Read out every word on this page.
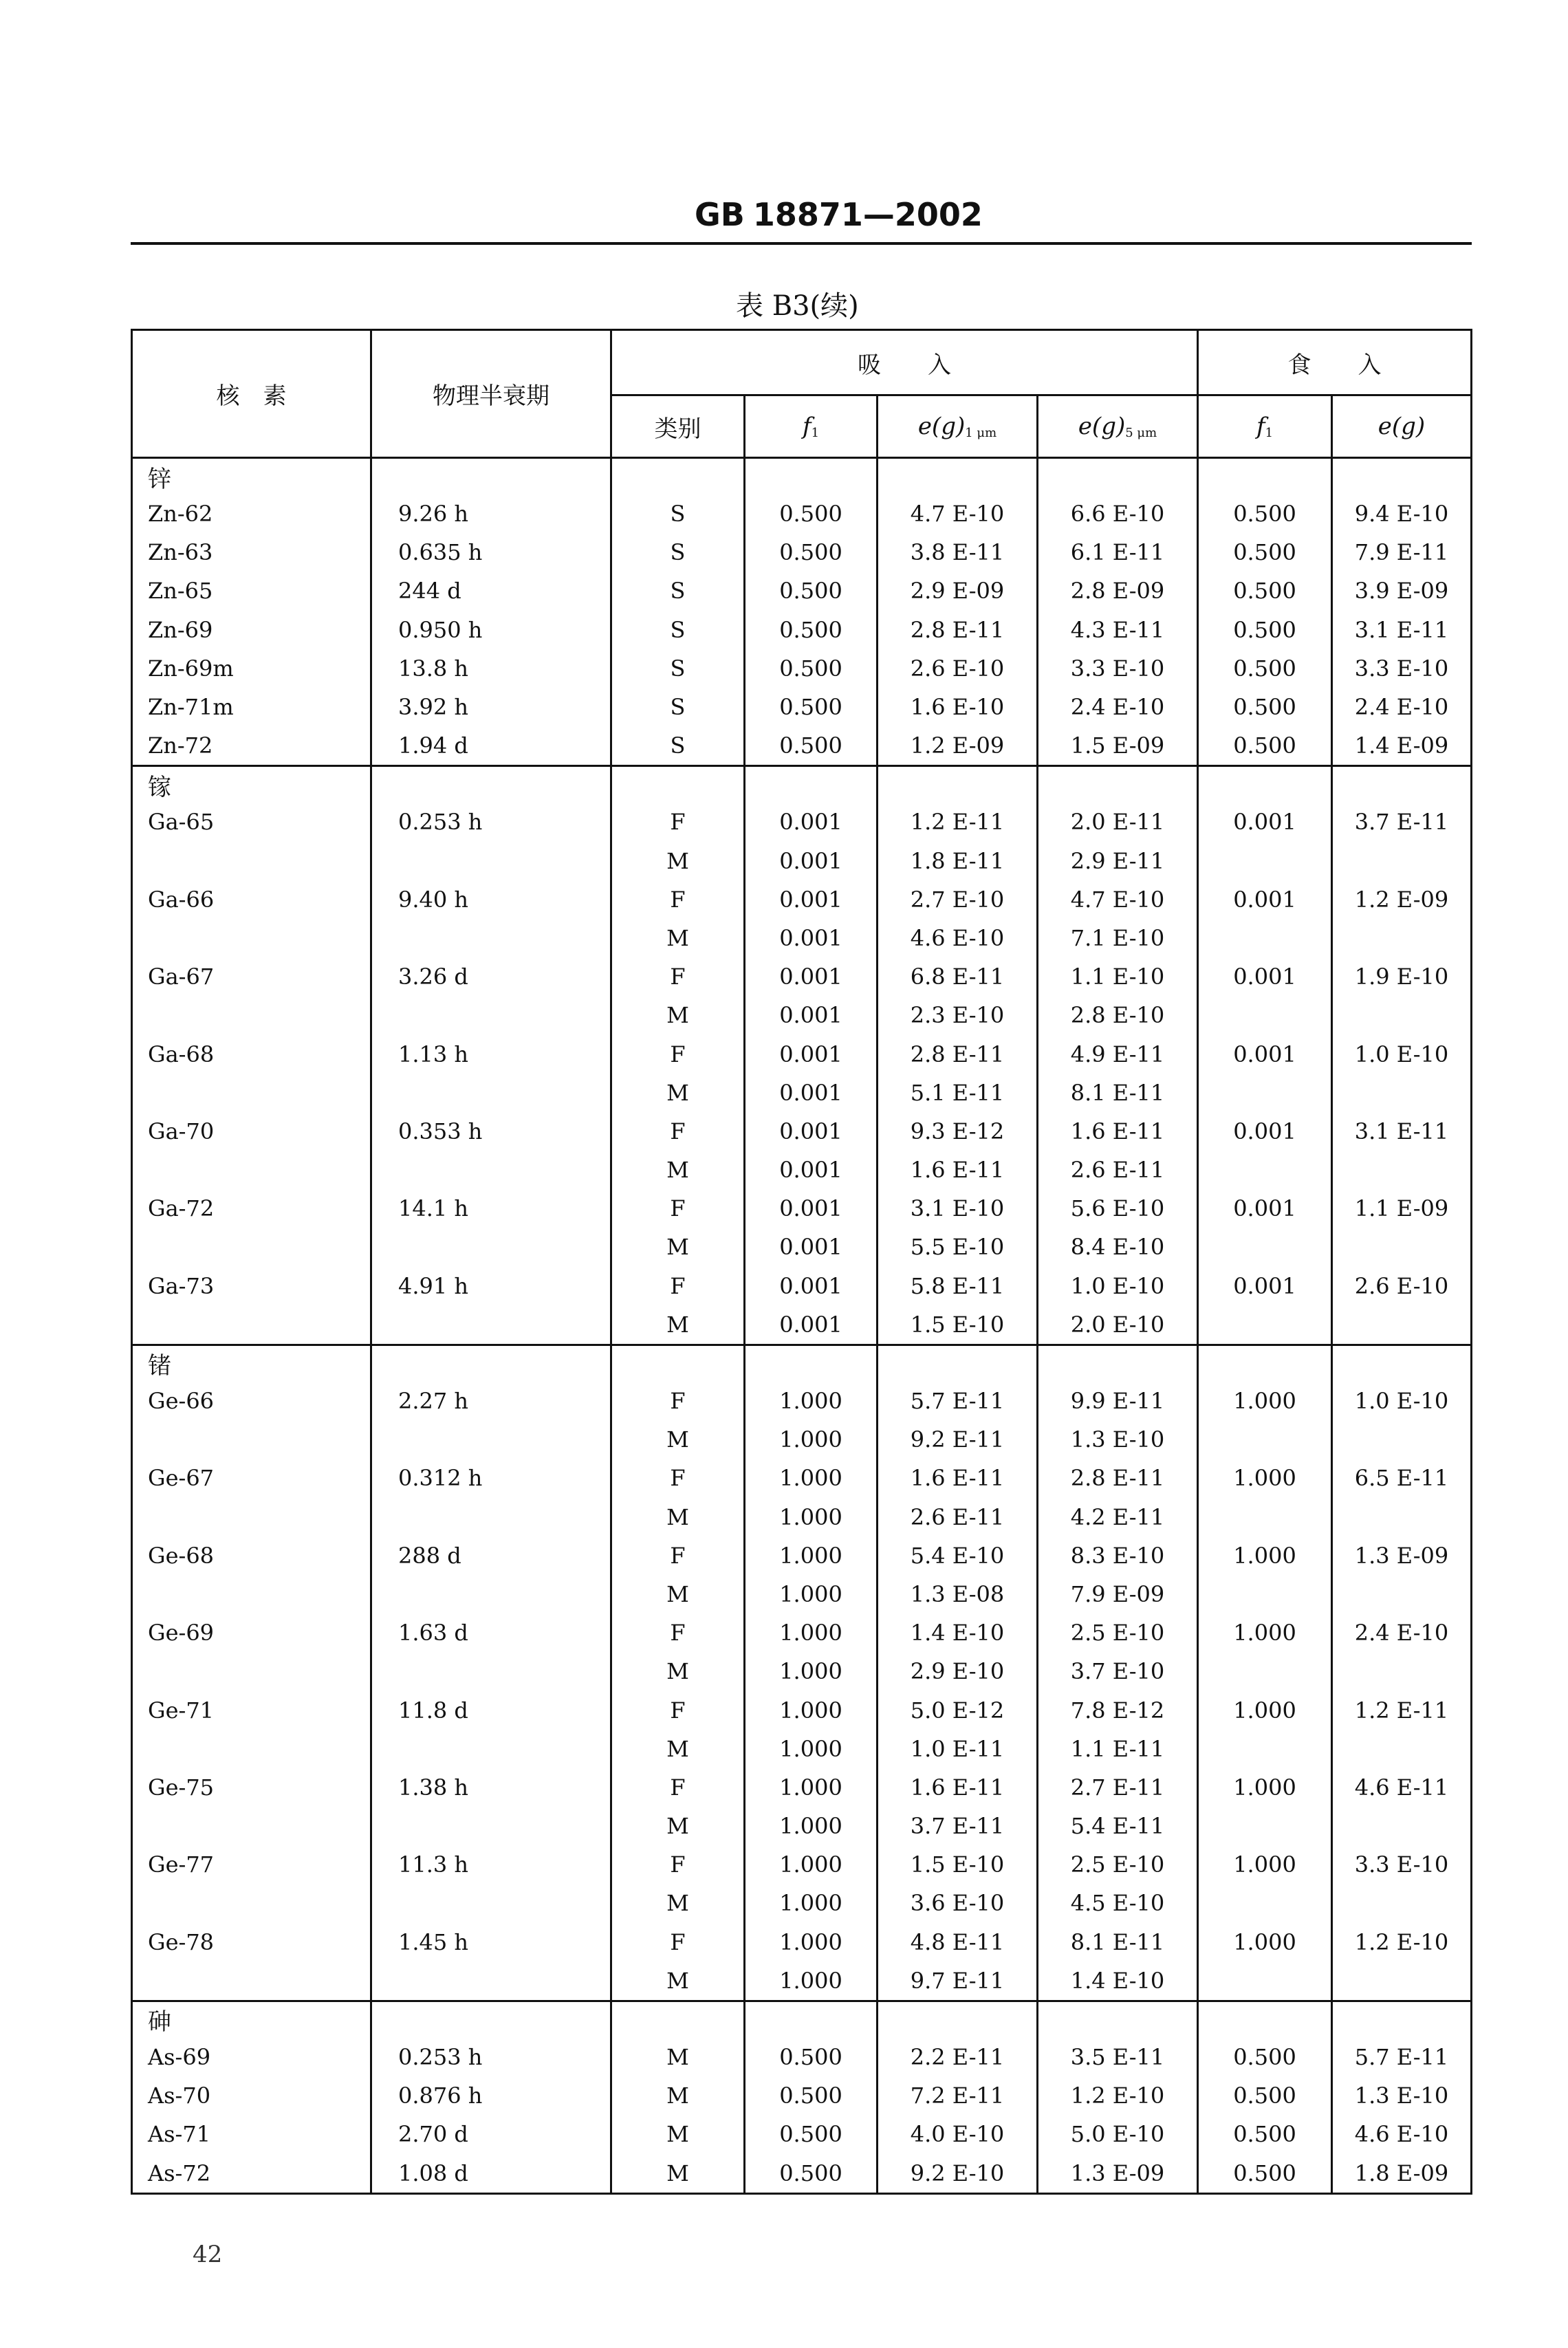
GB 18871—2002
表 B3(续)
核　素	物理半衰期	吸　　入				食　　入	
		类别	$f_1$	$e(g)_{1 \mu m}$	$e(g)_{5 \mu m}$	$f_1$	e(g)
锌							
Zn-62	9.26 h	S	0.500	4.7 E-10	6.6 E-10	0.500	9.4 E-10
Zn-63	0.635 h	S	0.500	3.8 E-11	6.1 E-11	0.500	7.9 E-11
Zn-65	244 d	S	0.500	2.9 E-09	2.8 E-09	0.500	3.9 E-09
Zn-69	0.950 h	S	0.500	2.8 E-11	4.3 E-11	0.500	3.1 E-11
Zn-69m	13.8 h	S	0.500	2.6 E-10	3.3 E-10	0.500	3.3 E-10
Zn-71m	3.92 h	S	0.500	1.6 E-10	2.4 E-10	0.500	2.4 E-10
Zn-72	1.94 d	S	0.500	1.2 E-09	1.5 E-09	0.500	1.4 E-09
镓							
Ga-65	0.253 h	F	0.001	1.2 E-11	2.0 E-11	0.001	3.7 E-11
		M	0.001	1.8 E-11	2.9 E-11		
Ga-66	9.40 h	F	0.001	2.7 E-10	4.7 E-10	0.001	1.2 E-09
		M	0.001	4.6 E-10	7.1 E-10		
Ga-67	3.26 d	F	0.001	6.8 E-11	1.1 E-10	0.001	1.9 E-10
		M	0.001	2.3 E-10	2.8 E-10		
Ga-68	1.13 h	F	0.001	2.8 E-11	4.9 E-11	0.001	1.0 E-10
		M	0.001	5.1 E-11	8.1 E-11		
Ga-70	0.353 h	F	0.001	9.3 E-12	1.6 E-11	0.001	3.1 E-11
		M	0.001	1.6 E-11	2.6 E-11		
Ga-72	14.1 h	F	0.001	3.1 E-10	5.6 E-10	0.001	1.1 E-09
		M	0.001	5.5 E-10	8.4 E-10		
Ga-73	4.91 h	F	0.001	5.8 E-11	1.0 E-10	0.001	2.6 E-10
		M	0.001	1.5 E-10	2.0 E-10		
锗							
Ge-66	2.27 h	F	1.000	5.7 E-11	9.9 E-11	1.000	1.0 E-10
		M	1.000	9.2 E-11	1.3 E-10		
Ge-67	0.312 h	F	1.000	1.6 E-11	2.8 E-11	1.000	6.5 E-11
		M	1.000	2.6 E-11	4.2 E-11		
Ge-68	288 d	F	1.000	5.4 E-10	8.3 E-10	1.000	1.3 E-09
		M	1.000	1.3 E-08	7.9 E-09		
Ge-69	1.63 d	F	1.000	1.4 E-10	2.5 E-10	1.000	2.4 E-10
		M	1.000	2.9 E-10	3.7 E-10		
Ge-71	11.8 d	F	1.000	5.0 E-12	7.8 E-12	1.000	1.2 E-11
		M	1.000	1.0 E-11	1.1 E-11		
Ge-75	1.38 h	F	1.000	1.6 E-11	2.7 E-11	1.000	4.6 E-11
		M	1.000	3.7 E-11	5.4 E-11		
Ge-77	11.3 h	F	1.000	1.5 E-10	2.5 E-10	1.000	3.3 E-10
		M	1.000	3.6 E-10	4.5 E-10		
Ge-78	1.45 h	F	1.000	4.8 E-11	8.1 E-11	1.000	1.2 E-10
		M	1.000	9.7 E-11	1.4 E-10		
砷							
As-69	0.253 h	M	0.500	2.2 E-11	3.5 E-11	0.500	5.7 E-11
As-70	0.876 h	M	0.500	7.2 E-11	1.2 E-10	0.500	1.3 E-10
As-71	2.70 d	M	0.500	4.0 E-10	5.0 E-10	0.500	4.6 E-10
As-72	1.08 d	M	0.500	9.2 E-10	1.3 E-09	0.500	1.8 E-09
42
